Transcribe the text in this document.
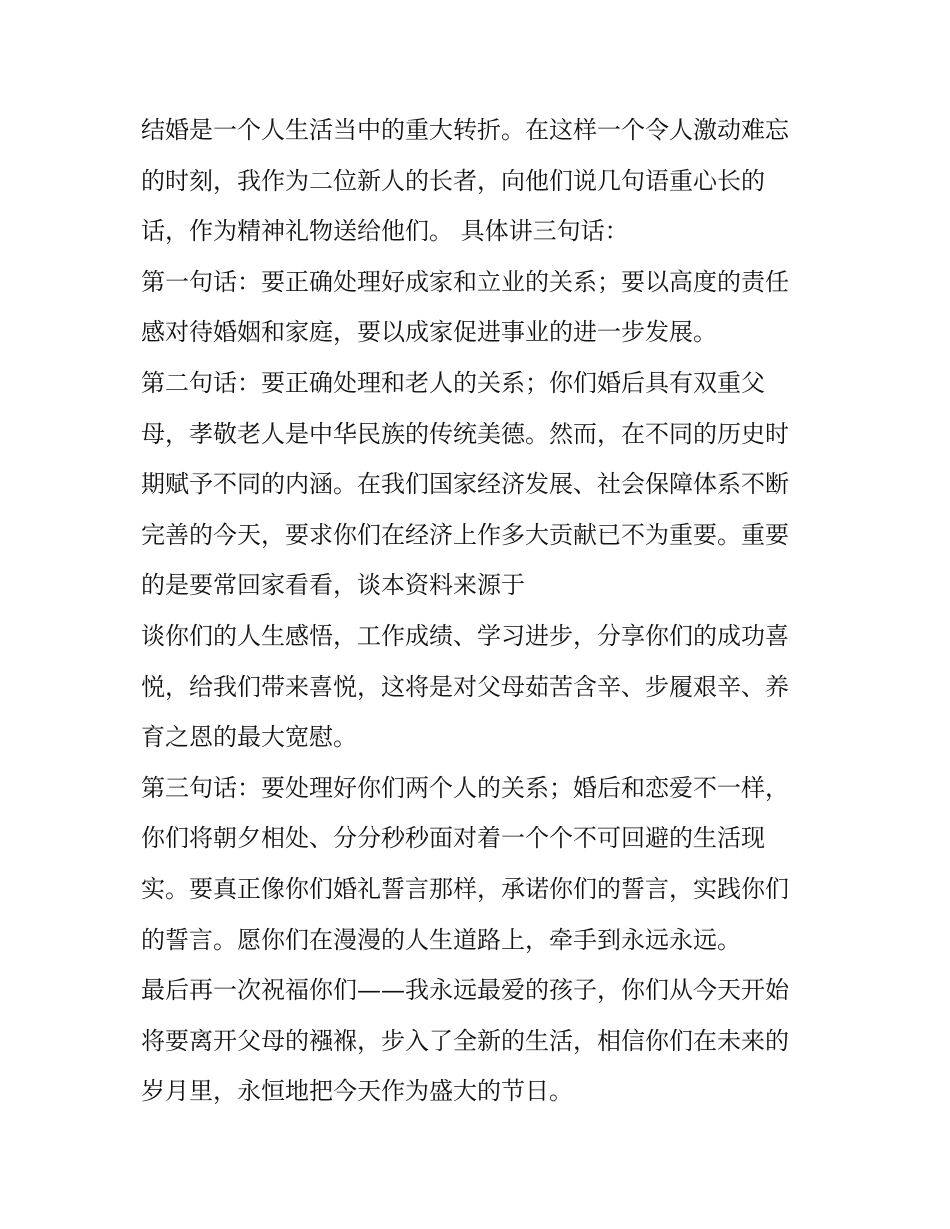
结婚是一个人生活当中的重大转折。在这样一个令人激动难忘
的时刻，我作为二位新人的长者，向他们说几句语重心长的
话，作为精神礼物送给他们。 具体讲三句话：
第一句话：要正确处理好成家和立业的关系；要以高度的责任
感对待婚姻和家庭，要以成家促进事业的进一步发展。
第二句话：要正确处理和老人的关系；你们婚后具有双重父
母，孝敬老人是中华民族的传统美德。然而，在不同的历史时
期赋予不同的内涵。在我们国家经济发展、社会保障体系不断
完善的今天，要求你们在经济上作多大贡献已不为重要。重要
的是要常回家看看，谈本资料来源于
谈你们的人生感悟，工作成绩、学习进步，分享你们的成功喜
悦，给我们带来喜悦，这将是对父母茹苦含辛、步履艰辛、养
育之恩的最大宽慰。
第三句话：要处理好你们两个人的关系；婚后和恋爱不一样，
你们将朝夕相处、分分秒秒面对着一个个不可回避的生活现
实。要真正像你们婚礼誓言那样，承诺你们的誓言，实践你们
的誓言。愿你们在漫漫的人生道路上，牵手到永远永远。
最后再一次祝福你们——我永远最爱的孩子，你们从今天开始
将要离开父母的襁褓，步入了全新的生活，相信你们在未来的
岁月里，永恒地把今天作为盛大的节日。
